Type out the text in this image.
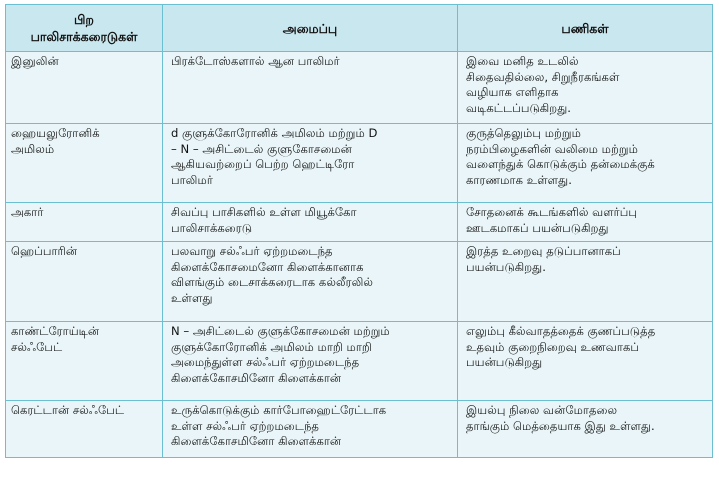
பிற
பாலிசாக்கரைடுகள்	அமைப்பு	பணிகள்

இனுலின்	பிரக்டோஸ்களால் ஆன பாலிமர்	இவை மனித உடலில்
சிதைவதில்லை, சிறுநீரகங்கள்
வழியாக எளிதாக
வடிகட்டப்படுகிறது.

ஹையலுரோனிக்
அமிலம்	d குளுக்கோரோனிக் அமிலம் மற்றும் D
– N – அசிட்டைல் குளுகோசமைன்
ஆகியவற்றைப் பெற்ற ஹெட்டிரோ
பாலிமர்	குருத்தெலும்பு மற்றும்
நரம்பிழைகளின் வலிமை மற்றும்
வளைந்துக் கொடுக்கும் தன்மைக்குக்
காரணமாக உள்ளது.

அகார்	சிவப்பு பாசிகளில் உள்ள மியூக்கோ
பாலிசாக்கரைடு	சோதனைக் கூடங்களில் வளர்ப்பு
ஊடகமாகப் பயன்படுகிறது

ஹெப்பாரின்	பலவாறு சல்ஃபர் ஏற்றமடைந்த
கிளைக்கோசமைனோ கிளைக்கானாக
விளங்கும் டைசாக்கரைடாக கல்லீரலில்
உள்ளது	இரத்த உறைவு தடுப்பானாகப்
பயன்படுகிறது.

காண்ட்ரோய்டின்
சல்ஃபேட்	N – அசிட்டைல் குளுக்கோசமைன் மற்றும்
குளுக்கோரோனிக் அமிலம் மாறி மாறி
அமைந்துள்ள சல்ஃபர் ஏற்றமடைந்த
கிளைக்கோசமினோ கிளைக்கான்	எலும்பு கீல்வாதத்தைக் குணப்படுத்த
உதவும் குறைநிறைவு உணவாகப்
பயன்படுகிறது

கெரட்டான் சல்ஃபேட்	உருக்கொடுக்கும் கார்போஹைட்ரேட்டாக
உள்ள சல்ஃபர் ஏற்றமடைந்த
கிளைக்கோசமினோ கிளைக்கான்	இயல்பு நிலை வன்மோதலை
தாங்கும் மெத்தையாக இது உள்ளது.
